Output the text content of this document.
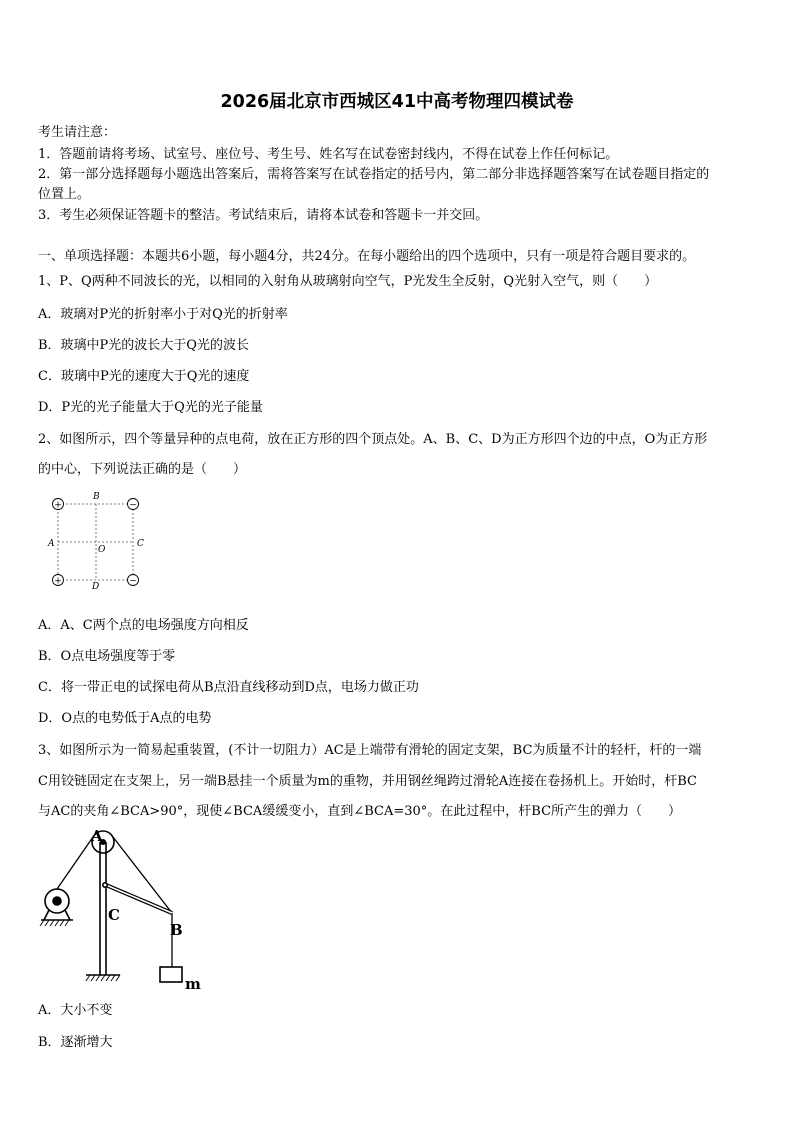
2026届北京市西城区41中高考物理四模试卷
考生请注意：
1．答题前请将考场、试室号、座位号、考生号、姓名写在试卷密封线内，不得在试卷上作任何标记。
2．第一部分选择题每小题选出答案后，需将答案写在试卷指定的括号内，第二部分非选择题答案写在试卷题目指定的
位置上。
3．考生必须保证答题卡的整洁。考试结束后，请将本试卷和答题卡一并交回。
一、单项选择题：本题共6小题，每小题4分，共24分。在每小题给出的四个选项中，只有一项是符合题目要求的。
1、P、Q两种不同波长的光，以相同的入射角从玻璃射向空气，P光发生全反射，Q光射入空气，则（　　）
A．玻璃对P光的折射率小于对Q光的折射率
B．玻璃中P光的波长大于Q光的波长
C．玻璃中P光的速度大于Q光的速度
D．P光的光子能量大于Q光的光子能量
2、如图所示，四个等量异种的点电荷，放在正方形的四个顶点处。A、B、C、D为正方形四个边的中点，O为正方形
的中心，下列说法正确的是（　　）
+	−
+	−
A
B
C
D
O
A．A、C两个点的电场强度方向相反
B．O点电场强度等于零
C．将一带正电的试探电荷从B点沿直线移动到D点，电场力做正功
D．O点的电势低于A点的电势
3、如图所示为一简易起重装置，(不计一切阻力）AC是上端带有滑轮的固定支架，BC为质量不计的轻杆，杆的一端
C用铰链固定在支架上，另一端B悬挂一个质量为m的重物，并用钢丝绳跨过滑轮A连接在卷扬机上。开始时，杆BC
与AC的夹角∠BCA>90°，现使∠BCA缓缓变小，直到∠BCA=30°。在此过程中，杆BC所产生的弹力（　　）
A
C
B
m
A．大小不变
B．逐渐增大
